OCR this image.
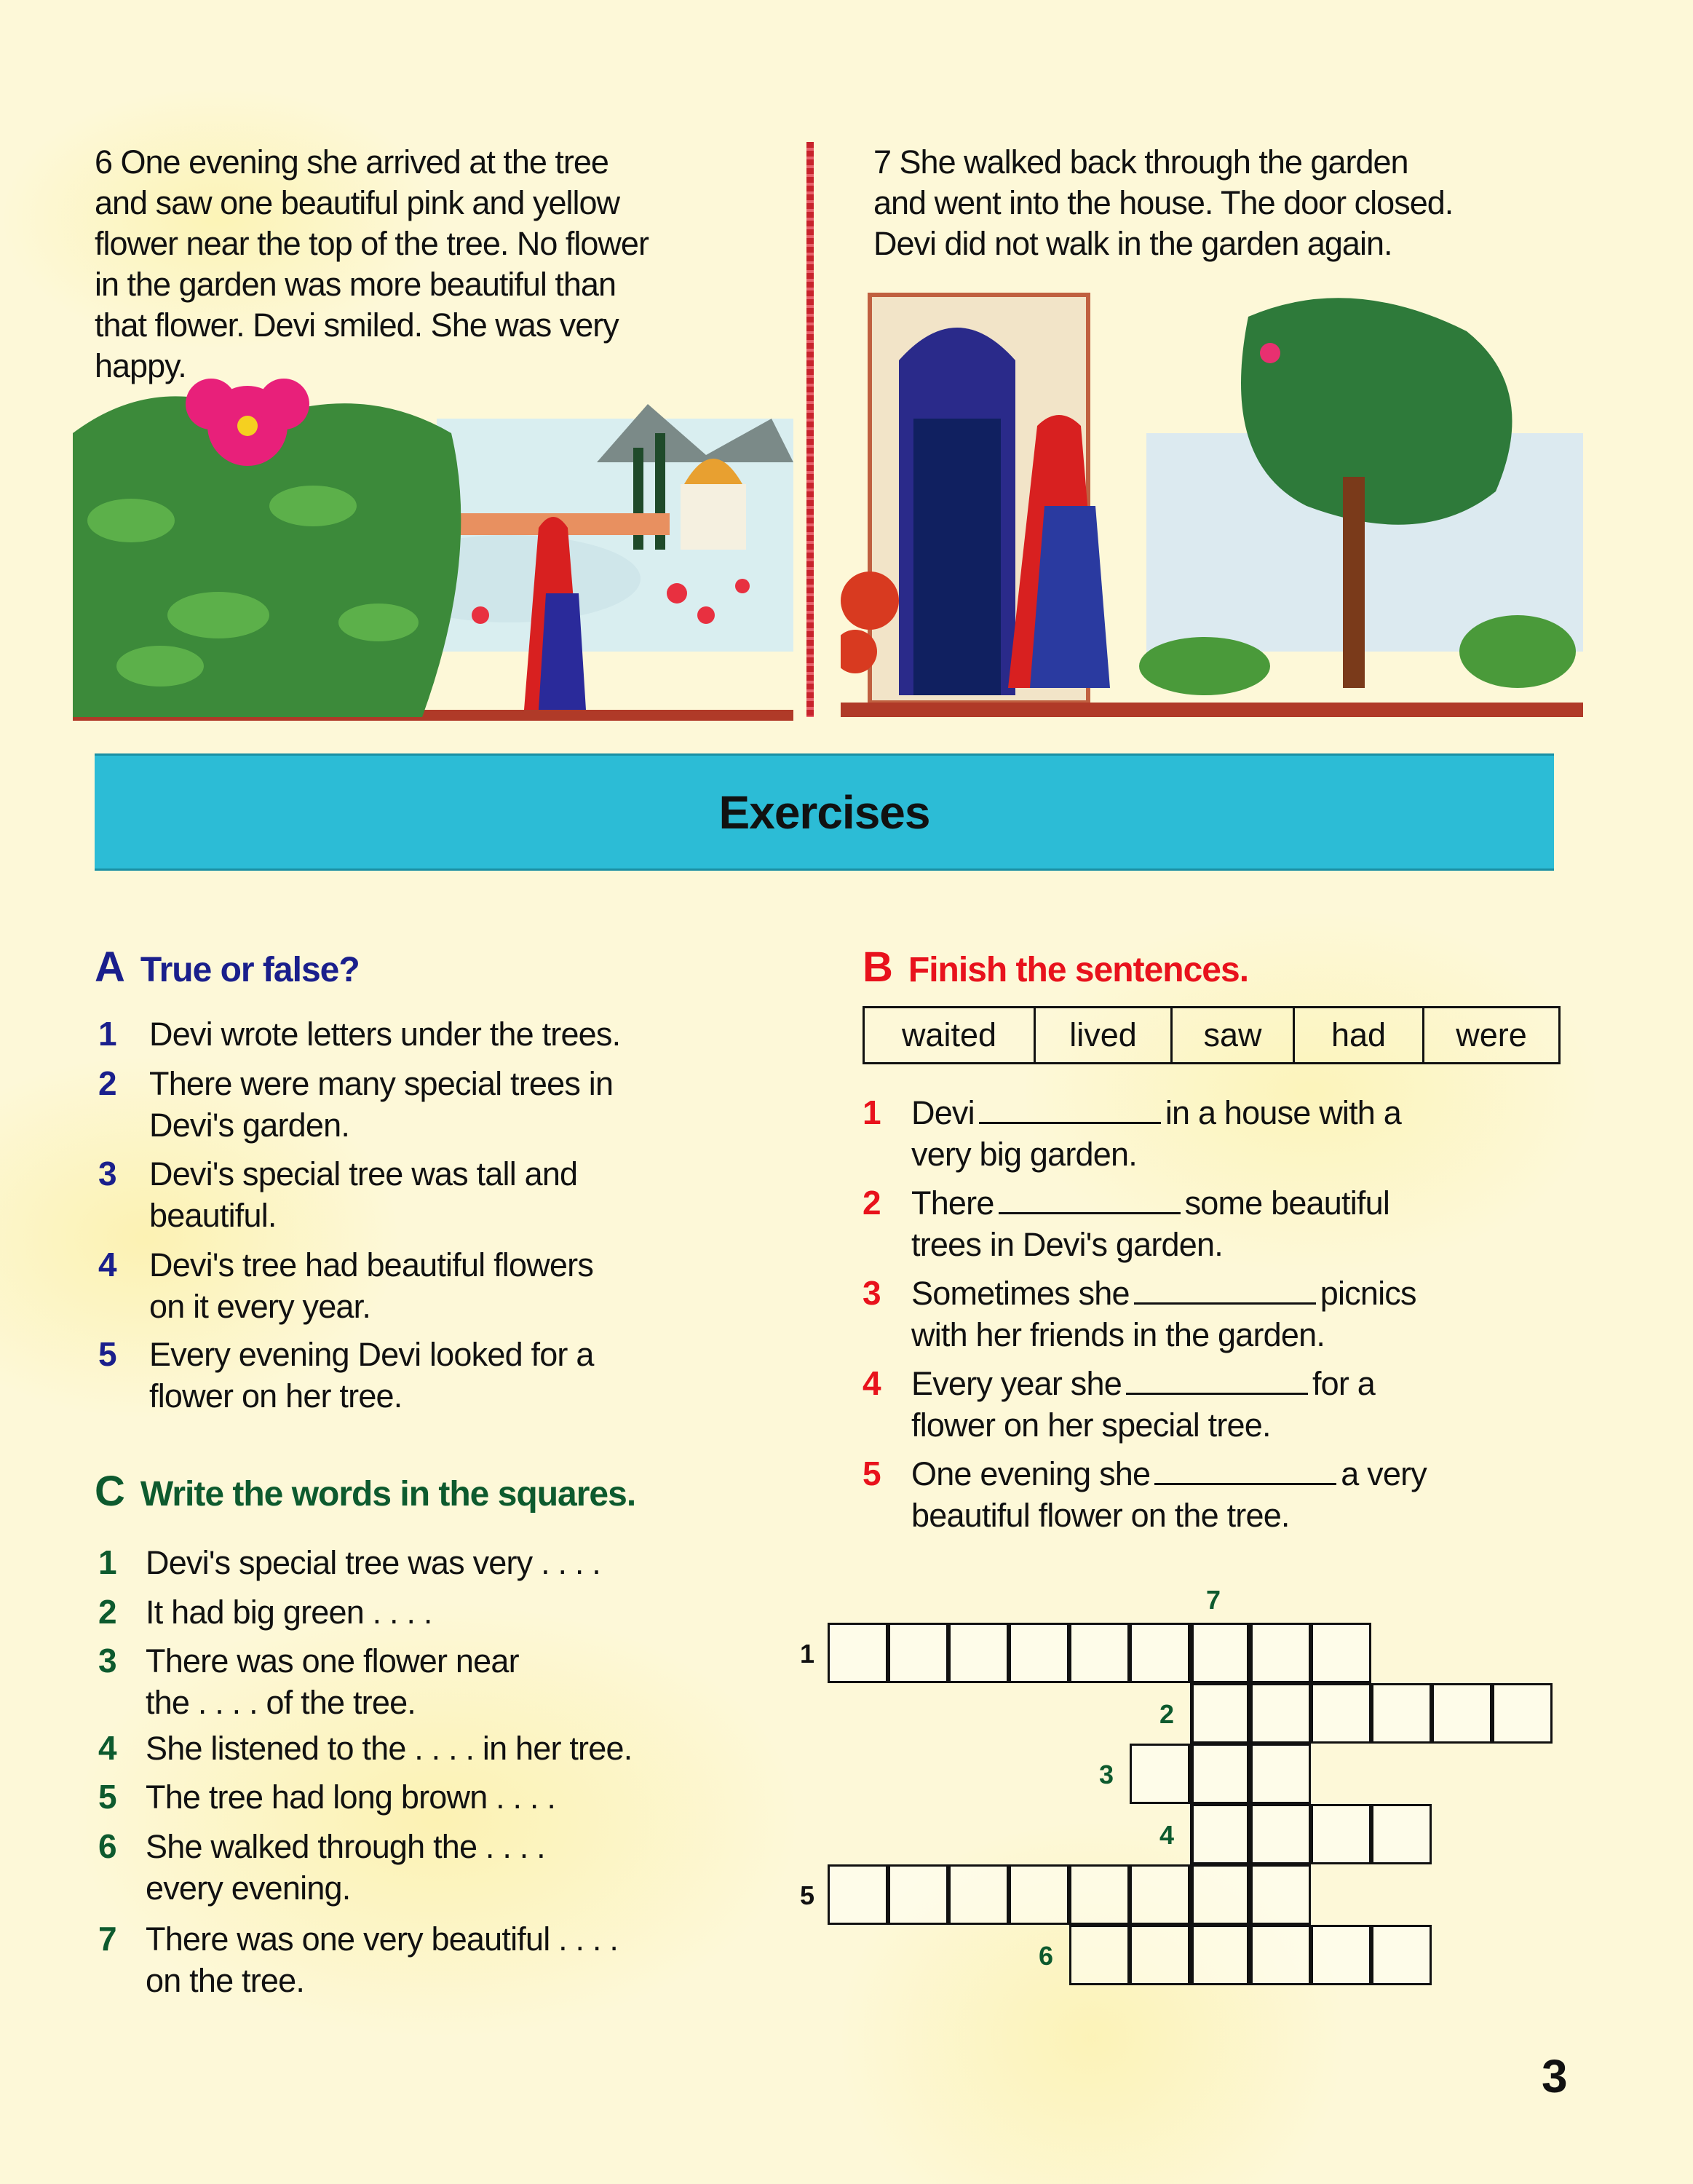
6 One evening she arrived at the tree
and saw one beautiful pink and yellow
flower near the top of the tree. No flower
in the garden was more beautiful than
that flower. Devi smiled. She was very
happy.
7 She walked back through the garden
and went into the house. The door closed.
Devi did not walk in the garden again.
Exercises
A True or false?
1 Devi wrote letters under the trees.
2 There were many special trees in
Devi's garden.
3 Devi's special tree was tall and
beautiful.
4 Devi's tree had beautiful flowers
on it every year.
5 Every evening Devi looked for a
flower on her tree.
B Finish the sentences.
waited	lived	saw	had	were
1 Devi	in a house with a
very big garden.
2 There	some beautiful
trees in Devi's garden.
3 Sometimes she	picnics
with her friends in the garden.
4 Every year she	for a
flower on her special tree.
5 One evening she	a very
beautiful flower on the tree.
C Write the words in the squares.
1 Devi's special tree was very . . . .
2 It had big green . . . .
3 There was one flower near
the . . . . of the tree.
4 She listened to the . . . . in her tree.
5 The tree had long brown . . . .
6 She walked through the . . . .
every evening.
7 There was one very beautiful . . . .
on the tree.
1
2
3
4
5
6
7
3
